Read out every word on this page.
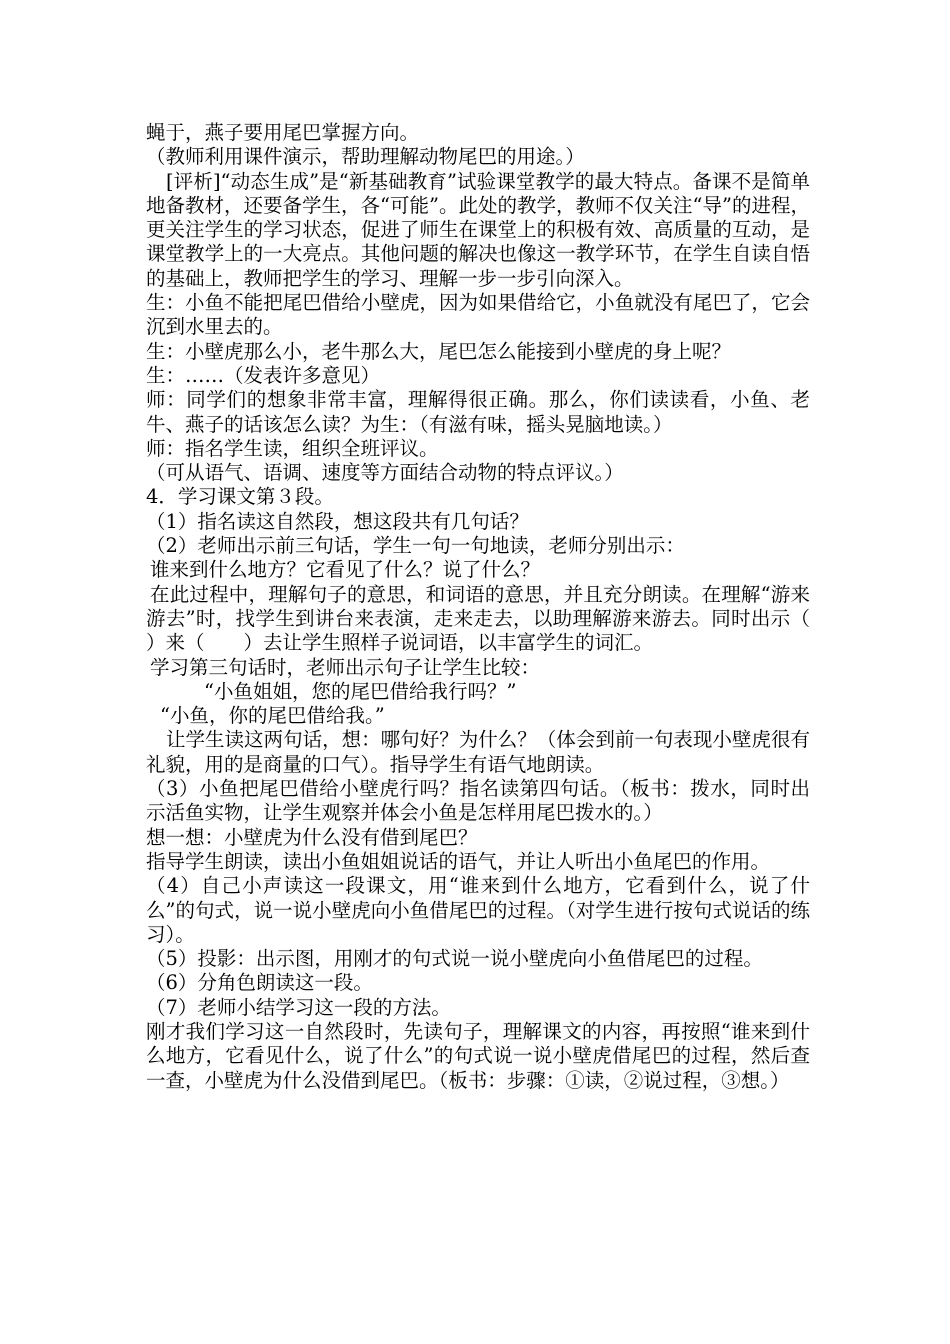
蝇于，燕子要用尾巴掌握方向。

（教师利用课件演示，帮助理解动物尾巴的用途。）

[评析]“动态生成”是“新基础教育”试验课堂教学的最大特点。备课不是简单地备教材，还要备学生，各“可能”。此处的教学，教师不仅关注“导”的进程，更关注学生的学习状态，促进了师生在课堂上的积极有效、高质量的互动，是课堂教学上的一大亮点。其他问题的解决也像这一教学环节，在学生自读自悟的基础上，教师把学生的学习、理解一步一步引向深入。

生：小鱼不能把尾巴借给小壁虎，因为如果借给它，小鱼就没有尾巴了，它会沉到水里去的。

生：小壁虎那么小，老牛那么大，尾巴怎么能接到小壁虎的身上呢？

生：……（发表许多意见）

师：同学们的想象非常丰富，理解得很正确。那么，你们读读看，小鱼、老牛、燕子的话该怎么读？为生：（有滋有味，摇头晃脑地读。）

师：指名学生读，组织全班评议。

（可从语气、语调、速度等方面结合动物的特点评议。）

4．学习课文第３段。

（1）指名读这自然段，想这段共有几句话？

（2）老师出示前三句话，学生一句一句地读，老师分别出示：

谁来到什么地方？它看见了什么？说了什么？

在此过程中，理解句子的意思，和词语的意思，并且充分朗读。在理解“游来游去”时，找学生到讲台来表演，走来走去，以助理解游来游去。同时出示（　　）来（　　）去让学生照样子说词语，以丰富学生的词汇。

学习第三句话时，老师出示句子让学生比较：

“小鱼姐姐，您的尾巴借给我行吗？”

“小鱼，你的尾巴借给我。”

让学生读这两句话，想：哪句好？为什么？（体会到前一句表现小壁虎很有礼貌，用的是商量的口气）。指导学生有语气地朗读。

（3）小鱼把尾巴借给小壁虎行吗？指名读第四句话。（板书：拨水，同时出示活鱼实物，让学生观察并体会小鱼是怎样用尾巴拨水的。）

想一想：小壁虎为什么没有借到尾巴？

指导学生朗读，读出小鱼姐姐说话的语气，并让人听出小鱼尾巴的作用。

（4）自己小声读这一段课文，用“谁来到什么地方，它看到什么，说了什么”的句式，说一说小壁虎向小鱼借尾巴的过程。（对学生进行按句式说话的练习）。

（5）投影：出示图，用刚才的句式说一说小壁虎向小鱼借尾巴的过程。

（6）分角色朗读这一段。

（7）老师小结学习这一段的方法。

刚才我们学习这一自然段时，先读句子，理解课文的内容，再按照“谁来到什么地方，它看见什么，说了什么”的句式说一说小壁虎借尾巴的过程，然后查一查，小壁虎为什么没借到尾巴。（板书：步骤：①读，②说过程，③想。）
